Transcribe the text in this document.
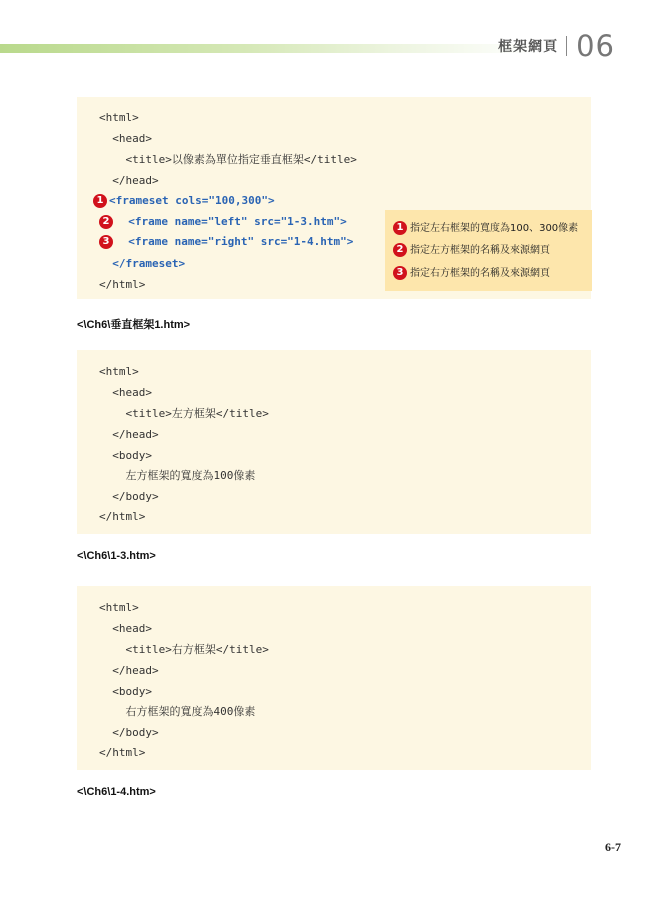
框架網頁 06
<html>
<head>
<title>以像素為單位指定垂直框架</title>
</head>
1 <frameset cols="100,300">
2  <frame name="left" src="1-3.htm">
3  <frame name="right" src="1-4.htm">
</frameset>
</html>
1 指定左右框架的寬度為100、300像素
2 指定左方框架的名稱及來源網頁
3 指定右方框架的名稱及來源網頁
<\Ch6\垂直框架1.htm>
<html>
<head>
<title>左方框架</title>
</head>
<body>
左方框架的寬度為100像素
</body>
</html>
<\Ch6\1-3.htm>
<html>
<head>
<title>右方框架</title>
</head>
<body>
右方框架的寬度為400像素
</body>
</html>
<\Ch6\1-4.htm>
6-7
